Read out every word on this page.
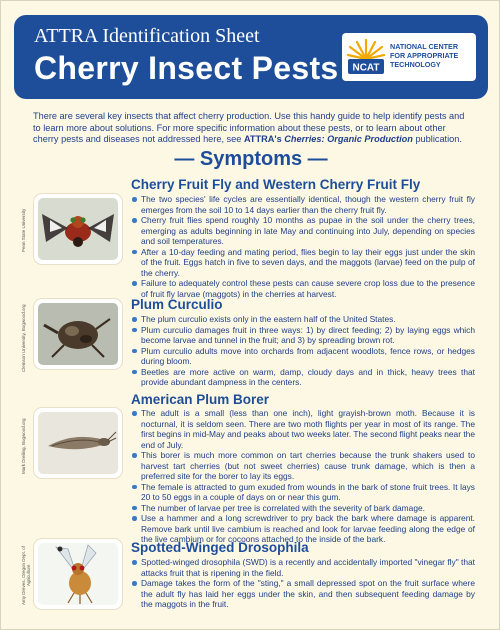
ATTRA Identification Sheet
Cherry Insect Pests NCAT
NATIONAL CENTER FOR APPROPRIATE TECHNOLOGY

There are several key insects that affect cherry production. Use this handy guide to help identify pests and to learn more about solutions. For more specific information about these pests, or to learn about other cherry pests and diseases not addressed here, see ATTRA's Cherries: Organic Production publication.

— Symptoms —
Penn State University
Cherry Fruit Fly and Western Cherry Fruit Fly
The two species' life cycles are essentially identical, though the western cherry fruit fly emerges from the soil 10 to 14 days earlier than the cherry fruit fly.
Cherry fruit flies spend roughly 10 months as pupae in the soil under the cherry trees, emerging as adults beginning in late May and continuing into July, depending on species and soil temperatures.
After a 10-day feeding and mating period, flies begin to lay their eggs just under the skin of the fruit. Eggs hatch in five to seven days, and the maggots (larvae) feed on the pulp of the cherry.
Failure to adequately control these pests can cause severe crop loss due to the presence of fruit fly larvae (maggots) in the cherries at harvest.
Clemson University, Bugwood.org	Plum Curculio
The plum curculio exists only in the eastern half of the United States.
Plum curculio damages fruit in three ways: 1) by direct feeding; 2) by laying eggs which become larvae and tunnel in the fruit; and 3) by spreading brown rot.
Plum curculio adults move into orchards from adjacent woodlots, fence rows, or hedges during bloom.
Beetles are more active on warm, damp, cloudy days and in thick, heavy trees that provide abundant dampness in the centers.
Mark Dreiling, Bugwood.org
American Plum Borer
The adult is a small (less than one inch), light grayish-brown moth. Because it is nocturnal, it is seldom seen. There are two moth flights per year in most of its range. The first begins in mid-May and peaks about two weeks later. The second flight peaks near the end of July.
This borer is much more common on tart cherries because the trunk shakers used to harvest tart cherries (but not sweet cherries) cause trunk damage, which is then a preferred site for the borer to lay its eggs.
The female is attracted to gum exuded from wounds in the bark of stone fruit trees. It lays 20 to 50 eggs in a couple of days on or near this gum.
The number of larvae per tree is correlated with the severity of bark damage.
Use a hammer and a long screwdriver to pry back the bark where damage is apparent. Remove bark until live cambium is reached and look for larvae feeding along the edge of the live cambium or for cocoons attached to the inside of the bark.
Amy Dreves, Oregon Dept. of Agriculture
Spotted-Winged Drosophila
Spotted-winged drosophila (SWD) is a recently and accidentally imported "vinegar fly" that attacks fruit that is ripening in the field.
Damage takes the form of the "sting," a small depressed spot on the fruit surface where the adult fly has laid her eggs under the skin, and then subsequent feeding damage by the maggots in the fruit.
